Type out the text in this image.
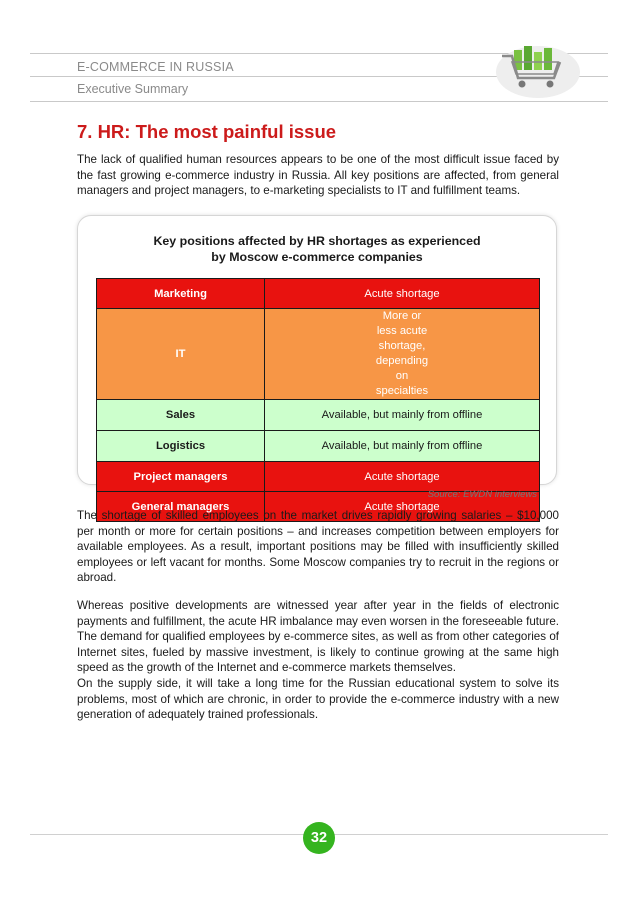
E-COMMERCE IN RUSSIA
Executive Summary
7. HR: The most painful issue
The lack of qualified human resources appears to be one of the most difficult issue faced by the fast growing e-commerce industry in Russia. All key positions are affected, from general managers and project managers, to e-marketing specialists to IT and fulfillment teams.
Key positions affected by HR shortages as experienced
by Moscow e-commerce companies
Marketing	Acute shortage
IT	More or less acute shortage, depending on specialties
Sales	Available, but mainly from offline
Logistics	Available, but mainly from offline
Project managers	Acute shortage
General managers	Acute shortage
Source: EWDN interviews
The shortage of skilled employees on the market drives rapidly growing salaries – $10,000 per month or more for certain positions – and increases competition between employers for available employees. As a result, important positions may be filled with insufficiently skilled employees or left vacant for months. Some Moscow companies try to recruit in the regions or abroad.
Whereas positive developments are witnessed year after year in the fields of electronic payments and fulfillment, the acute HR imbalance may even worsen in the foreseeable future. The demand for qualified employees by e-commerce sites, as well as from other categories of Internet sites, fueled by massive investment, is likely to continue growing at the same high speed as the growth of the Internet and e-commerce markets themselves.
On the supply side, it will take a long time for the Russian educational system to solve its problems, most of which are chronic, in order to provide the e-commerce industry with a new generation of adequately trained professionals.
32
